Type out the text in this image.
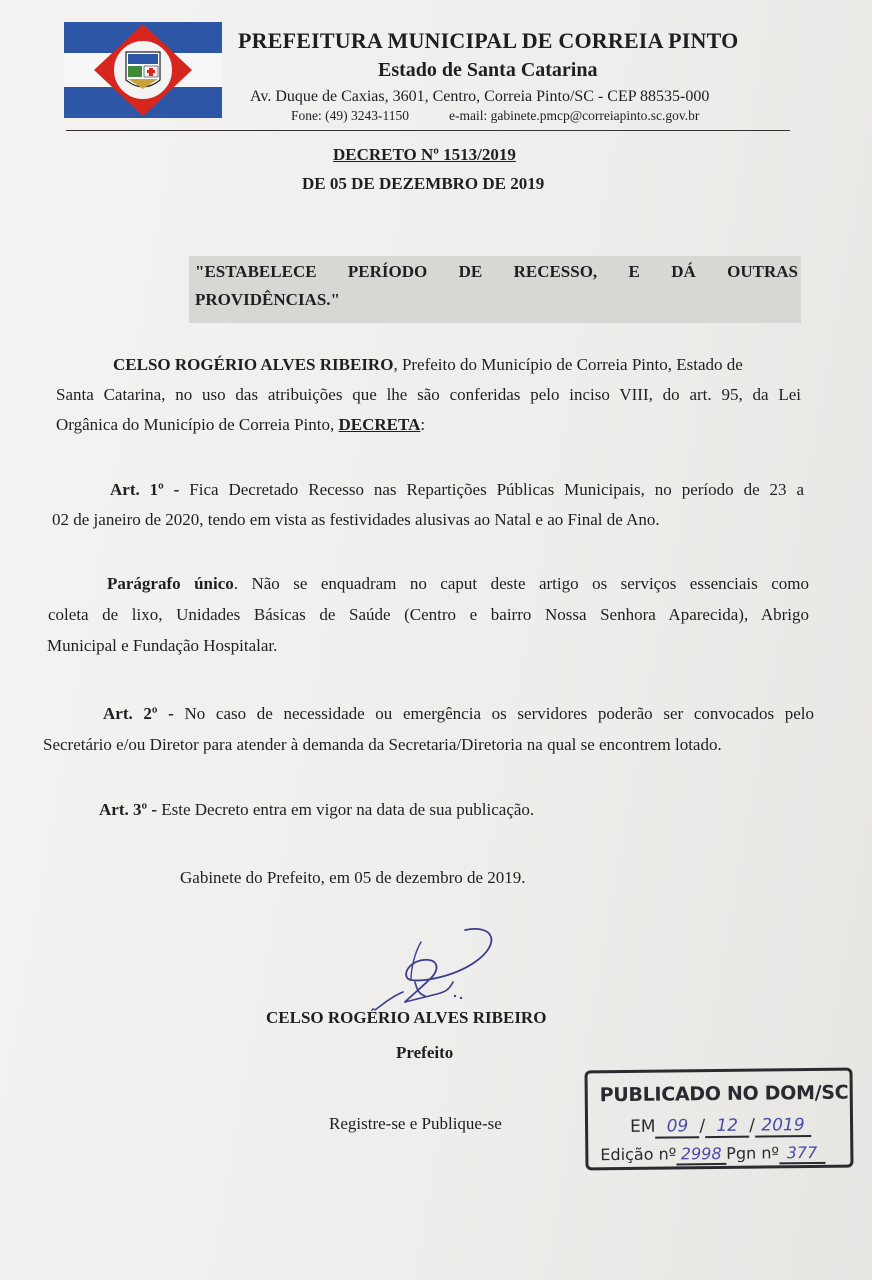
PREFEITURA MUNICIPAL DE CORREIA PINTO
Estado de Santa Catarina
Av. Duque de Caxias, 3601, Centro, Correia Pinto/SC - CEP 88535-000
Fone: (49) 3243-1150	e-mail: gabinete.pmcp@correiapinto.sc.gov.br
DECRETO Nº 1513/2019
DE 05 DE DEZEMBRO DE 2019
"ESTABELECE PERÍODO DE RECESSO, E DÁ OUTRAS
PROVIDÊNCIAS."
CELSO ROGÉRIO ALVES RIBEIRO, Prefeito do Município de Correia Pinto, Estado de
Santa Catarina, no uso das atribuições que lhe são conferidas pelo inciso VIII, do art. 95, da Lei
Orgânica do Município de Correia Pinto, DECRETA:
Art. 1º - Fica Decretado Recesso nas Repartições Públicas Municipais, no período de 23 a
02 de janeiro de 2020, tendo em vista as festividades alusivas ao Natal e ao Final de Ano.
Parágrafo único. Não se enquadram no caput deste artigo os serviços essenciais como
coleta de lixo, Unidades Básicas de Saúde (Centro e bairro Nossa Senhora Aparecida), Abrigo
Municipal e Fundação Hospitalar.
Art. 2º - No caso de necessidade ou emergência os servidores poderão ser convocados pelo
Secretário e/ou Diretor para atender à demanda da Secretaria/Diretoria na qual se encontrem lotado.
Art. 3º - Este Decreto entra em vigor na data de sua publicação.
Gabinete do Prefeito, em 05 de dezembro de 2019.
CELSO ROGÉRIO ALVES RIBEIRO
Prefeito
Registre-se e Publique-se
PUBLICADO NO DOM/SC
EM 09 / 12 / 2019
Edição nº 2998 Pgn nº 377
